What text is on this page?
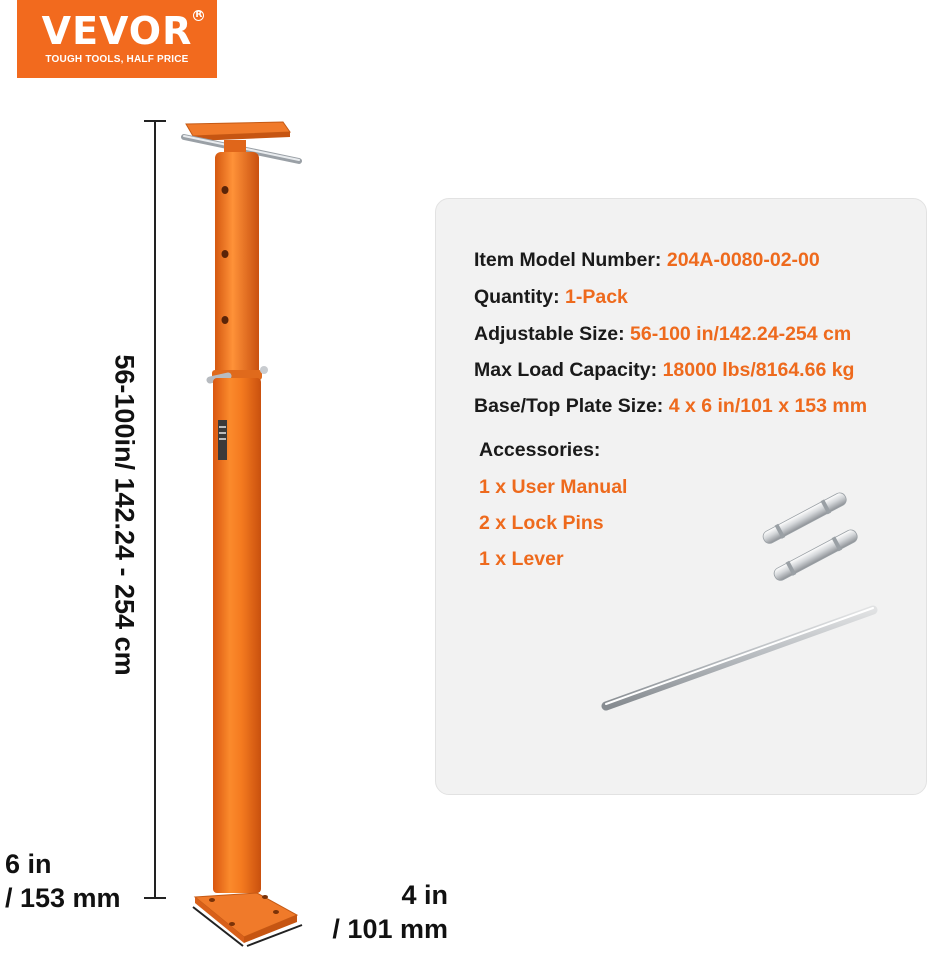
VEVOR R
TOUGH TOOLS, HALF PRICE
56-100in/ 142.24 - 254 cm
6 in
/ 153 mm	4 in
/ 101 mm
Item Model Number: 204A-0080-02-00
Quantity: 1-Pack
Adjustable Size: 56-100 in/142.24-254 cm
Max Load Capacity: 18000 lbs/8164.66 kg
Base/Top Plate Size: 4 x 6 in/101 x 153 mm
Accessories:
1 x User Manual
2 x Lock Pins
1 x Lever
